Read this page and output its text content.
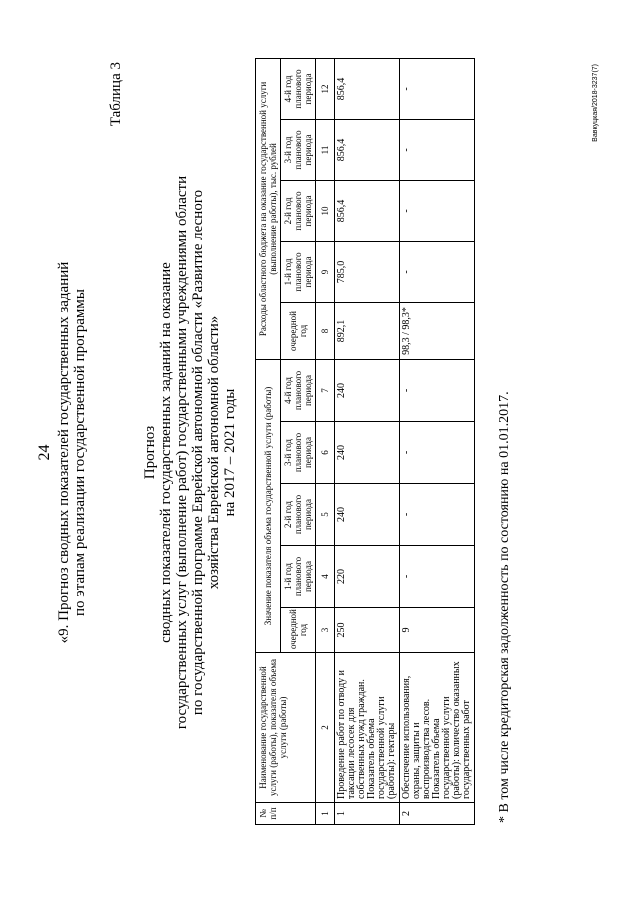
24 «9. Прогноз сводных показателей государственных заданий по этапам реализации государственной программы
Таблица 3
Прогноз сводных показателей государственных заданий на оказание государственных услуг (выполнение работ) государственными учреждениями области по государственной программе Еврейской автономной области «Развитие лесного хозяйства Еврейской автономной области» на 2017 – 2021 годы
№ п/п	Наименование государственной услуги (работы), показателя объема услуги (работы)	Значение показателя объема государственной услуги (работы)					Расходы областного бюджета на оказание государственной услуги (выполнение работы), тыс. рублей				
		очередной год	1-й год планового периода	2-й год планового периода	3-й год планового периода	4-й год планового периода	очередной год	1-й год планового периода	2-й год планового периода	3-й год планового периода	4-й год планового периода
1	2	3	4	5	6	7	8	9	10	11	12
1	Проведение работ по отводу и таксации лесосек для собственных нужд граждан. Показатель объема государственной услуги (работы): гектары	250	220	240	240	240	892,1	785,0	856,4	856,4	856,4
2	Обеспечение использования, охраны, защиты и воспроизводства лесов. Показатель объема государственной услуги (работы): количество оказанных государственных работ	9	-	-	-	-	98,3 / 98,3*	-	-	-	-
* В том числе кредиторская задолженность по состоянию на 01.01.2017.
Вавкуцкая/2018-3237(7)
